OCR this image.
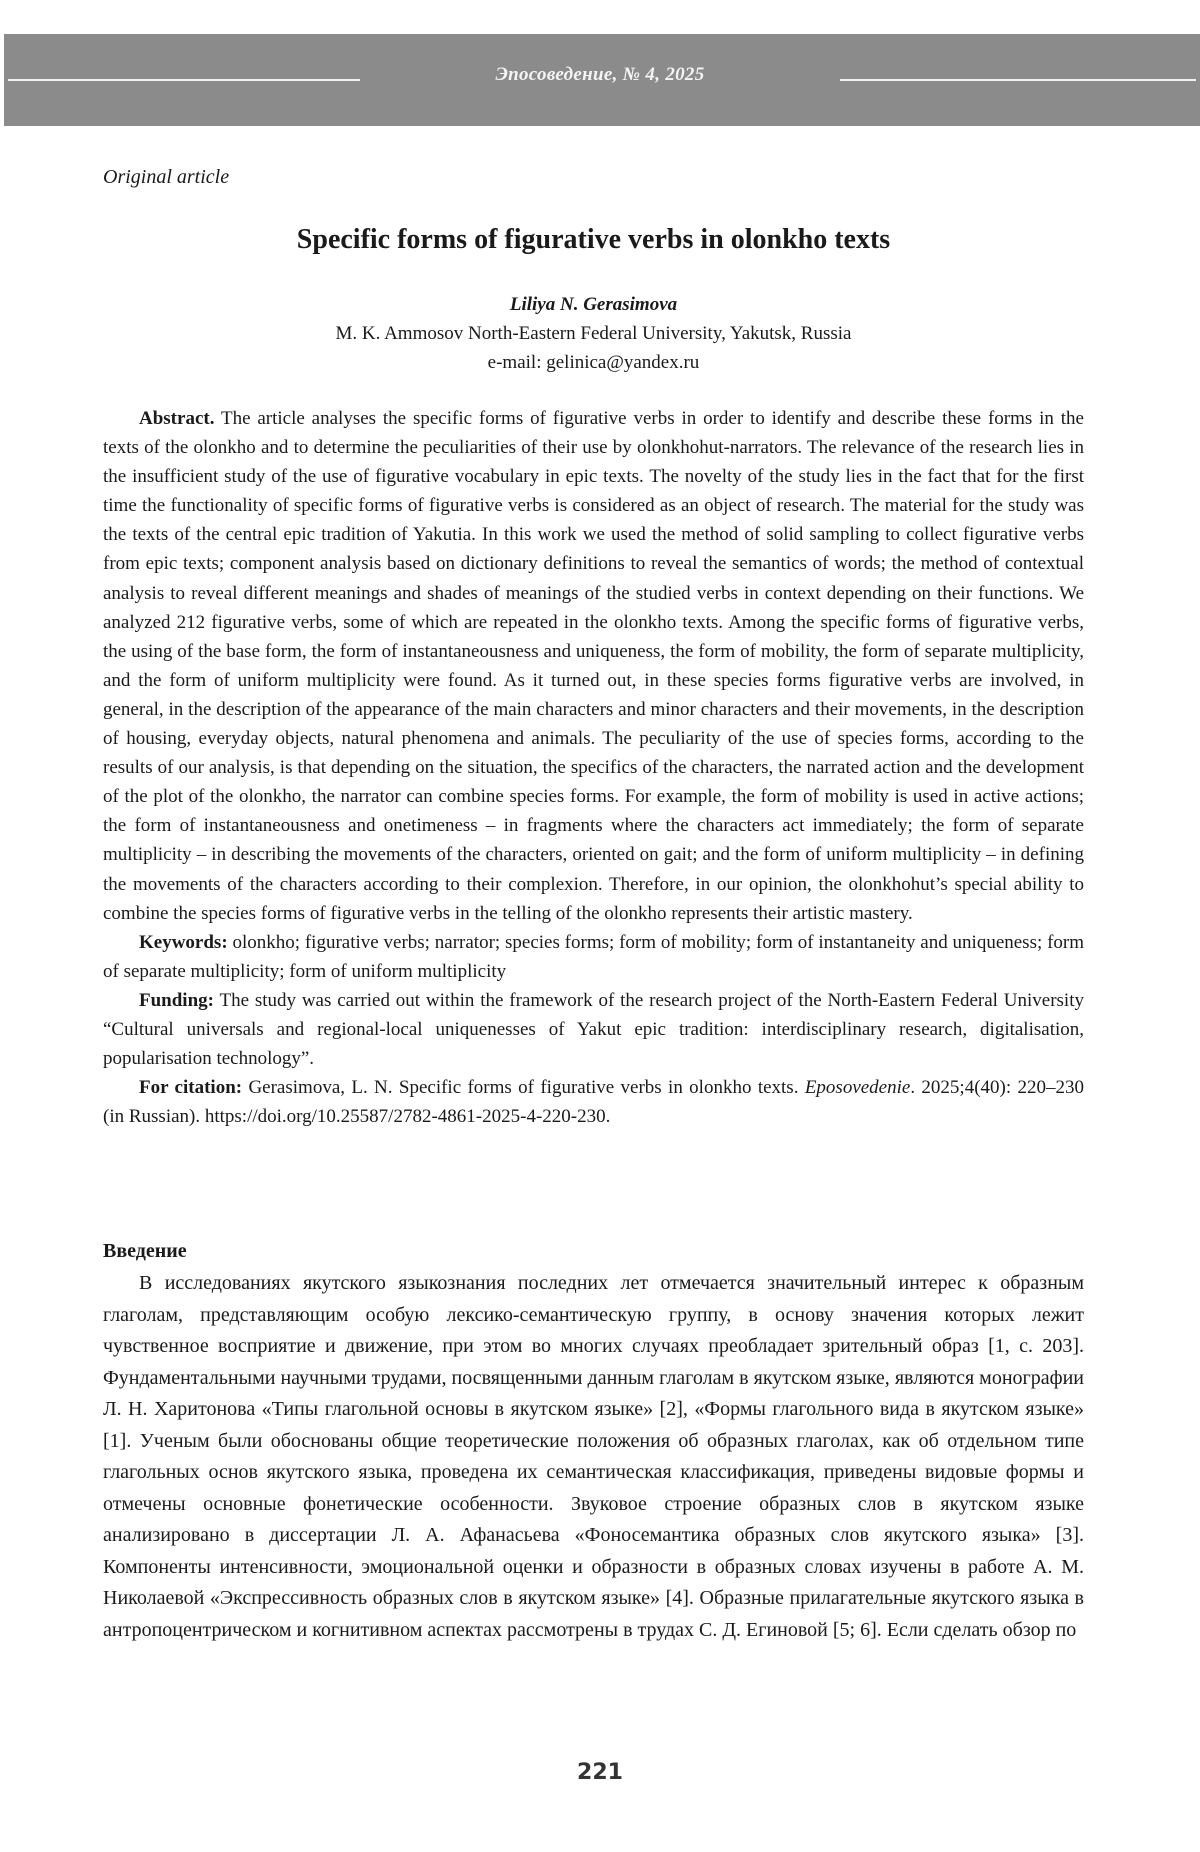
Эпосоведение, № 4, 2025
Original article
Specific forms of figurative verbs in olonkho texts
Liliya N. Gerasimova
M. K. Ammosov North-Eastern Federal University, Yakutsk, Russia
e-mail: gelinica@yandex.ru

Abstract. The article analyses the specific forms of figurative verbs in order to identify and describe these forms in the texts of the olonkho and to determine the peculiarities of their use by olonkhohut-narrators. The relevance of the research lies in the insufficient study of the use of figurative vocabulary in epic texts. The novelty of the study lies in the fact that for the first time the functionality of specific forms of figurative verbs is considered as an object of research. The material for the study was the texts of the central epic tradition of Yakutia. In this work we used the method of solid sampling to collect figurative verbs from epic texts; component analysis based on dictionary definitions to reveal the semantics of words; the method of contextual analysis to reveal different meanings and shades of meanings of the studied verbs in context depending on their functions. We analyzed 212 figurative verbs, some of which are repeated in the olonkho texts. Among the specific forms of figurative verbs, the using of the base form, the form of instantaneousness and uniqueness, the form of mobility, the form of separate multiplicity, and the form of uniform multiplicity were found. As it turned out, in these species forms figurative verbs are involved, in general, in the description of the appearance of the main characters and minor characters and their movements, in the description of housing, everyday objects, natural phenomena and animals. The peculiarity of the use of species forms, according to the results of our analysis, is that depending on the situation, the specifics of the characters, the narrated action and the development of the plot of the olonkho, the narrator can combine species forms. For example, the form of mobility is used in active actions; the form of instantaneousness and onetimeness – in fragments where the characters act immediately; the form of separate multiplicity – in describing the movements of the characters, oriented on gait; and the form of uniform multiplicity – in defining the movements of the characters according to their complexion. Therefore, in our opinion, the olonkhohut’s special ability to combine the species forms of figurative verbs in the telling of the olonkho represents their artistic mastery.

Keywords: olonkho; figurative verbs; narrator; species forms; form of mobility; form of instantaneity and uniqueness; form of separate multiplicity; form of uniform multiplicity

Funding: The study was carried out within the framework of the research project of the North-Eastern Federal University “Cultural universals and regional-local uniquenesses of Yakut epic tradition: interdisciplinary research, digitalisation, popularisation technology”.

For citation: Gerasimova, L. N. Specific forms of figurative verbs in olonkho texts. Eposovedenie. 2025;4(40): 220–230 (in Russian). https://doi.org/10.25587/2782-4861-2025-4-220-230.

Введение
В исследованиях якутского языкознания последних лет отмечается значительный интерес к образным глаголам, представляющим особую лексико-семантическую группу, в основу значения которых лежит чувственное восприятие и движение, при этом во многих случаях преобладает зрительный образ [1, с. 203]. Фундаментальными научными трудами, посвященными данным глаголам в якутском языке, являются монографии Л. Н. Харитонова «Типы глагольной основы в якутском языке» [2], «Формы глагольного вида в якутском языке» [1]. Ученым были обоснованы общие теоретические положения об образных глаголах, как об отдельном типе глагольных основ якутского языка, проведена их семантическая классификация, приведены видовые формы и отмечены основные фонетические особенности. Звуковое строение образных слов в якутском языке анализировано в диссертации Л. А. Афанасьева «Фоносемантика образных слов якутского языка» [3]. Компоненты интенсивности, эмоциональной оценки и образности в образных словах изучены в работе А. М. Николаевой «Экспрессивность образных слов в якутском языке» [4]. Образные прилагательные якутского языка в антропоцентрическом и когнитивном аспектах рассмотрены в трудах С. Д. Егиновой [5; 6]. Если сделать обзор по
221
